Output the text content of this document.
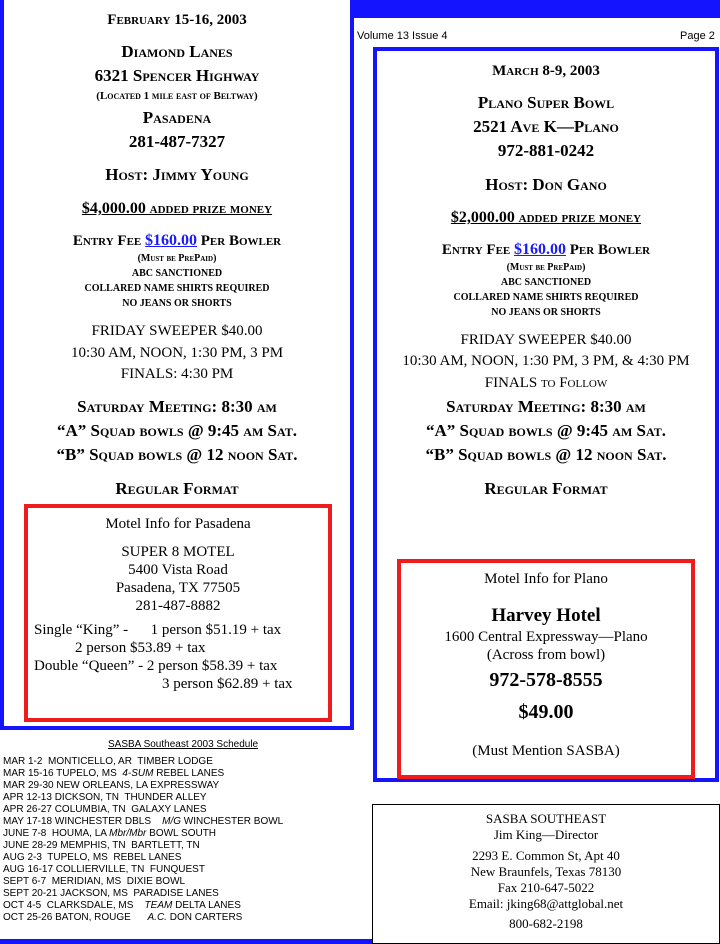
Volume 13 Issue 4	Page 2
February 15-16, 2003
Diamond Lanes
6321 Spencer Highway
(Located 1 mile east of Beltway)
Pasadena
281-487-7327
Host: Jimmy Young
$4,000.00 added prize money
Entry Fee $160.00 Per Bowler
(Must be PrePaid)
ABC SANCTIONED
COLLARED NAME SHIRTS REQUIRED
NO JEANS OR SHORTS
FRIDAY SWEEPER $40.00
10:30 AM, NOON, 1:30 PM, 3 PM
FINALS: 4:30 PM
Saturday Meeting: 8:30 am
“A” Squad bowls @ 9:45 am Sat.
“B” Squad bowls @ 12 noon Sat.
Regular Format
Motel Info for Pasadena
SUPER 8 MOTEL
5400 Vista Road
Pasadena, TX 77505
281-487-8882
Single “King” -      1 person $51.19 + tax
2 person $53.89 + tax
Double “Queen” - 2 person $58.39 + tax
3 person $62.89 + tax
March 8-9, 2003
Plano Super Bowl
2521 Ave K—Plano
972-881-0242
Host: Don Gano
$2,000.00 added prize money
Entry Fee $160.00 Per Bowler
(Must be PrePaid)
ABC SANCTIONED
COLLARED NAME SHIRTS REQUIRED
NO JEANS OR SHORTS
FRIDAY SWEEPER $40.00
10:30 AM, NOON, 1:30 PM, 3 PM, & 4:30 PM
FINALS to Follow
Saturday Meeting: 8:30 am
“A” Squad bowls @ 9:45 am Sat.
“B” Squad bowls @ 12 noon Sat.
Regular Format
Motel Info for Plano
Harvey Hotel
1600 Central Expressway—Plano
(Across from bowl)
972-578-8555
$49.00
(Must Mention SASBA)
SASBA Southeast 2003 Schedule
MAR 1-2  MONTICELLO, AR  TIMBER LODGE
MAR 15-16 TUPELO, MS  4-SUM REBEL LANES
MAR 29-30 NEW ORLEANS, LA EXPRESSWAY
APR 12-13 DICKSON, TN  THUNDER ALLEY
APR 26-27 COLUMBIA, TN  GALAXY LANES
MAY 17-18 WINCHESTER DBLS    M/G WINCHESTER BOWL
JUNE 7-8  HOUMA, LA Mbr/Mbr BOWL SOUTH
JUNE 28-29 MEMPHIS, TN  BARTLETT, TN
AUG 2-3  TUPELO, MS  REBEL LANES
AUG 16-17 COLLIERVILLE, TN  FUNQUEST
SEPT 6-7  MERIDIAN, MS  DIXIE BOWL
SEPT 20-21 JACKSON, MS  PARADISE LANES
OCT 4-5  CLARKSDALE, MS    TEAM DELTA LANES
OCT 25-26 BATON, ROUGE      A.C. DON CARTERS
SASBA SOUTHEAST
Jim King—Director
2293 E. Common St, Apt 40
New Braunfels, Texas 78130
Fax 210-647-5022
Email: jking68@attglobal.net
800-682-2198
